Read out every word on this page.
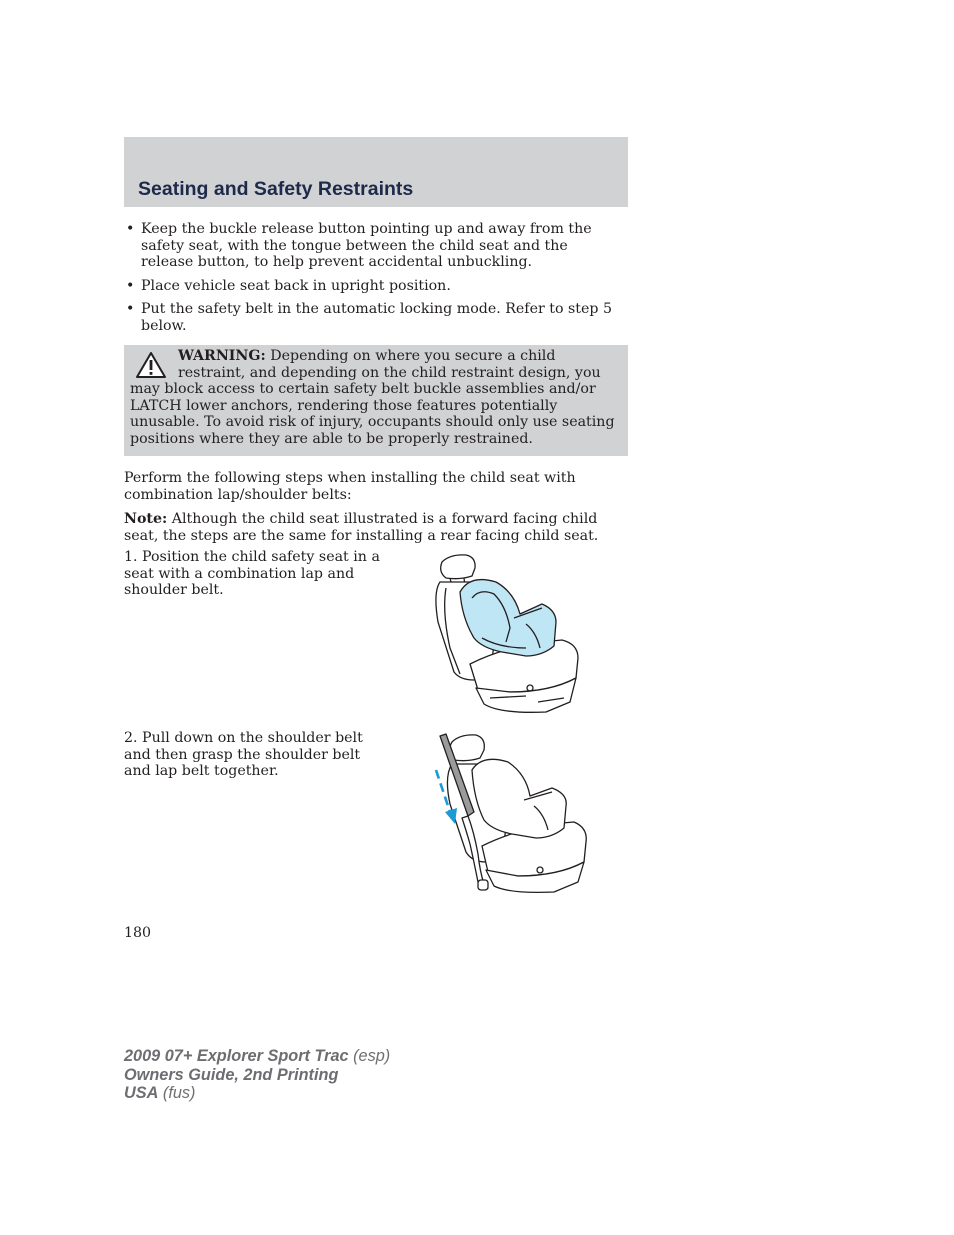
Seating and Safety Restraints
• Keep the buckle release button pointing up and away from the safety seat, with the tongue between the child seat and the release button, to help prevent accidental unbuckling.
• Place vehicle seat back in upright position.
• Put the safety belt in the automatic locking mode. Refer to step 5 below.
WARNING: Depending on where you secure a child restraint, and depending on the child restraint design, you may block access to certain safety belt buckle assemblies and/or LATCH lower anchors, rendering those features potentially unusable. To avoid risk of injury, occupants should only use seating positions where they are able to be properly restrained.

Perform the following steps when installing the child seat with combination lap/shoulder belts:

Note: Although the child seat illustrated is a forward facing child seat, the steps are the same for installing a rear facing child seat.

1. Position the child safety seat in a seat with a combination lap and shoulder belt.

2. Pull down on the shoulder belt and then grasp the shoulder belt and lap belt together.

180
2009 07+ Explorer Sport Trac (esp)
Owners Guide, 2nd Printing
USA (fus)
